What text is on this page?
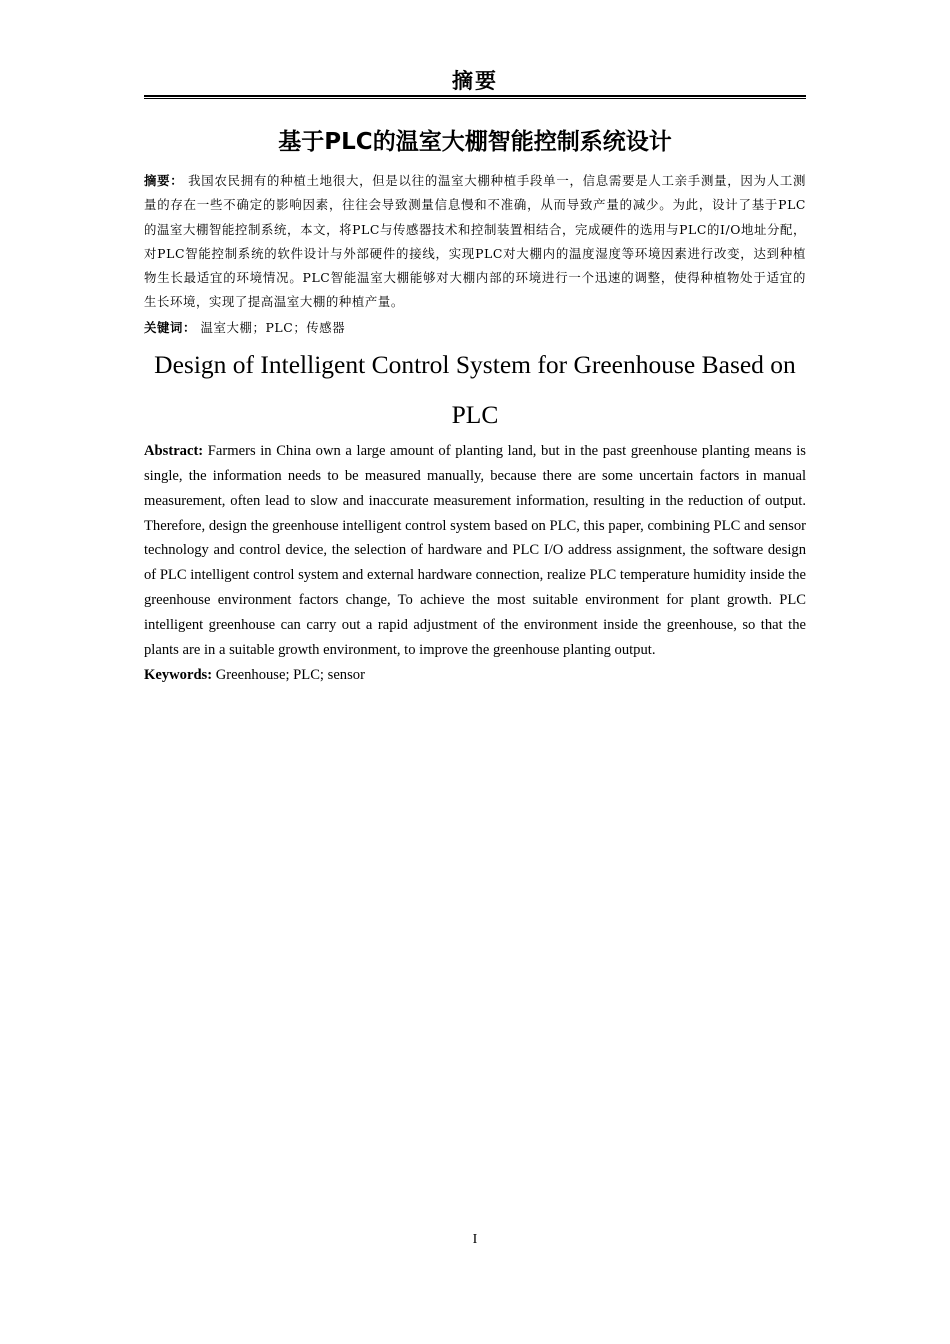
摘要
基于PLC的温室大棚智能控制系统设计
摘要： 我国农民拥有的种植土地很大，但是以往的温室大棚种植手段单一，信息需要是人工亲手测量，因为人工测量的存在一些不确定的影响因素，往往会导致测量信息慢和不准确，从而导致产量的减少。为此，设计了基于PLC的温室大棚智能控制系统，本文，将PLC与传感器技术和控制装置相结合，完成硬件的选用与PLC的I/O地址分配，对PLC智能控制系统的软件设计与外部硬件的接线，实现PLC对大棚内的温度湿度等环境因素进行改变，达到种植物生长最适宜的环境情况。PLC智能温室大棚能够对大棚内部的环境进行一个迅速的调整，使得种植物处于适宜的生长环境，实现了提高温室大棚的种植产量。
关键词： 温室大棚；PLC；传感器
Design of Intelligent Control System for Greenhouse Based on PLC
Abstract: Farmers in China own a large amount of planting land, but in the past greenhouse planting means is single, the information needs to be measured manually, because there are some uncertain factors in manual measurement, often lead to slow and inaccurate measurement information, resulting in the reduction of output. Therefore, design the greenhouse intelligent control system based on PLC, this paper, combining PLC and sensor technology and control device, the selection of hardware and PLC I/O address assignment, the software design of PLC intelligent control system and external hardware connection, realize PLC temperature humidity inside the greenhouse environment factors change, To achieve the most suitable environment for plant growth. PLC intelligent greenhouse can carry out a rapid adjustment of the environment inside the greenhouse, so that the plants are in a suitable growth environment, to improve the greenhouse planting output.
Keywords: Greenhouse; PLC; sensor
I
